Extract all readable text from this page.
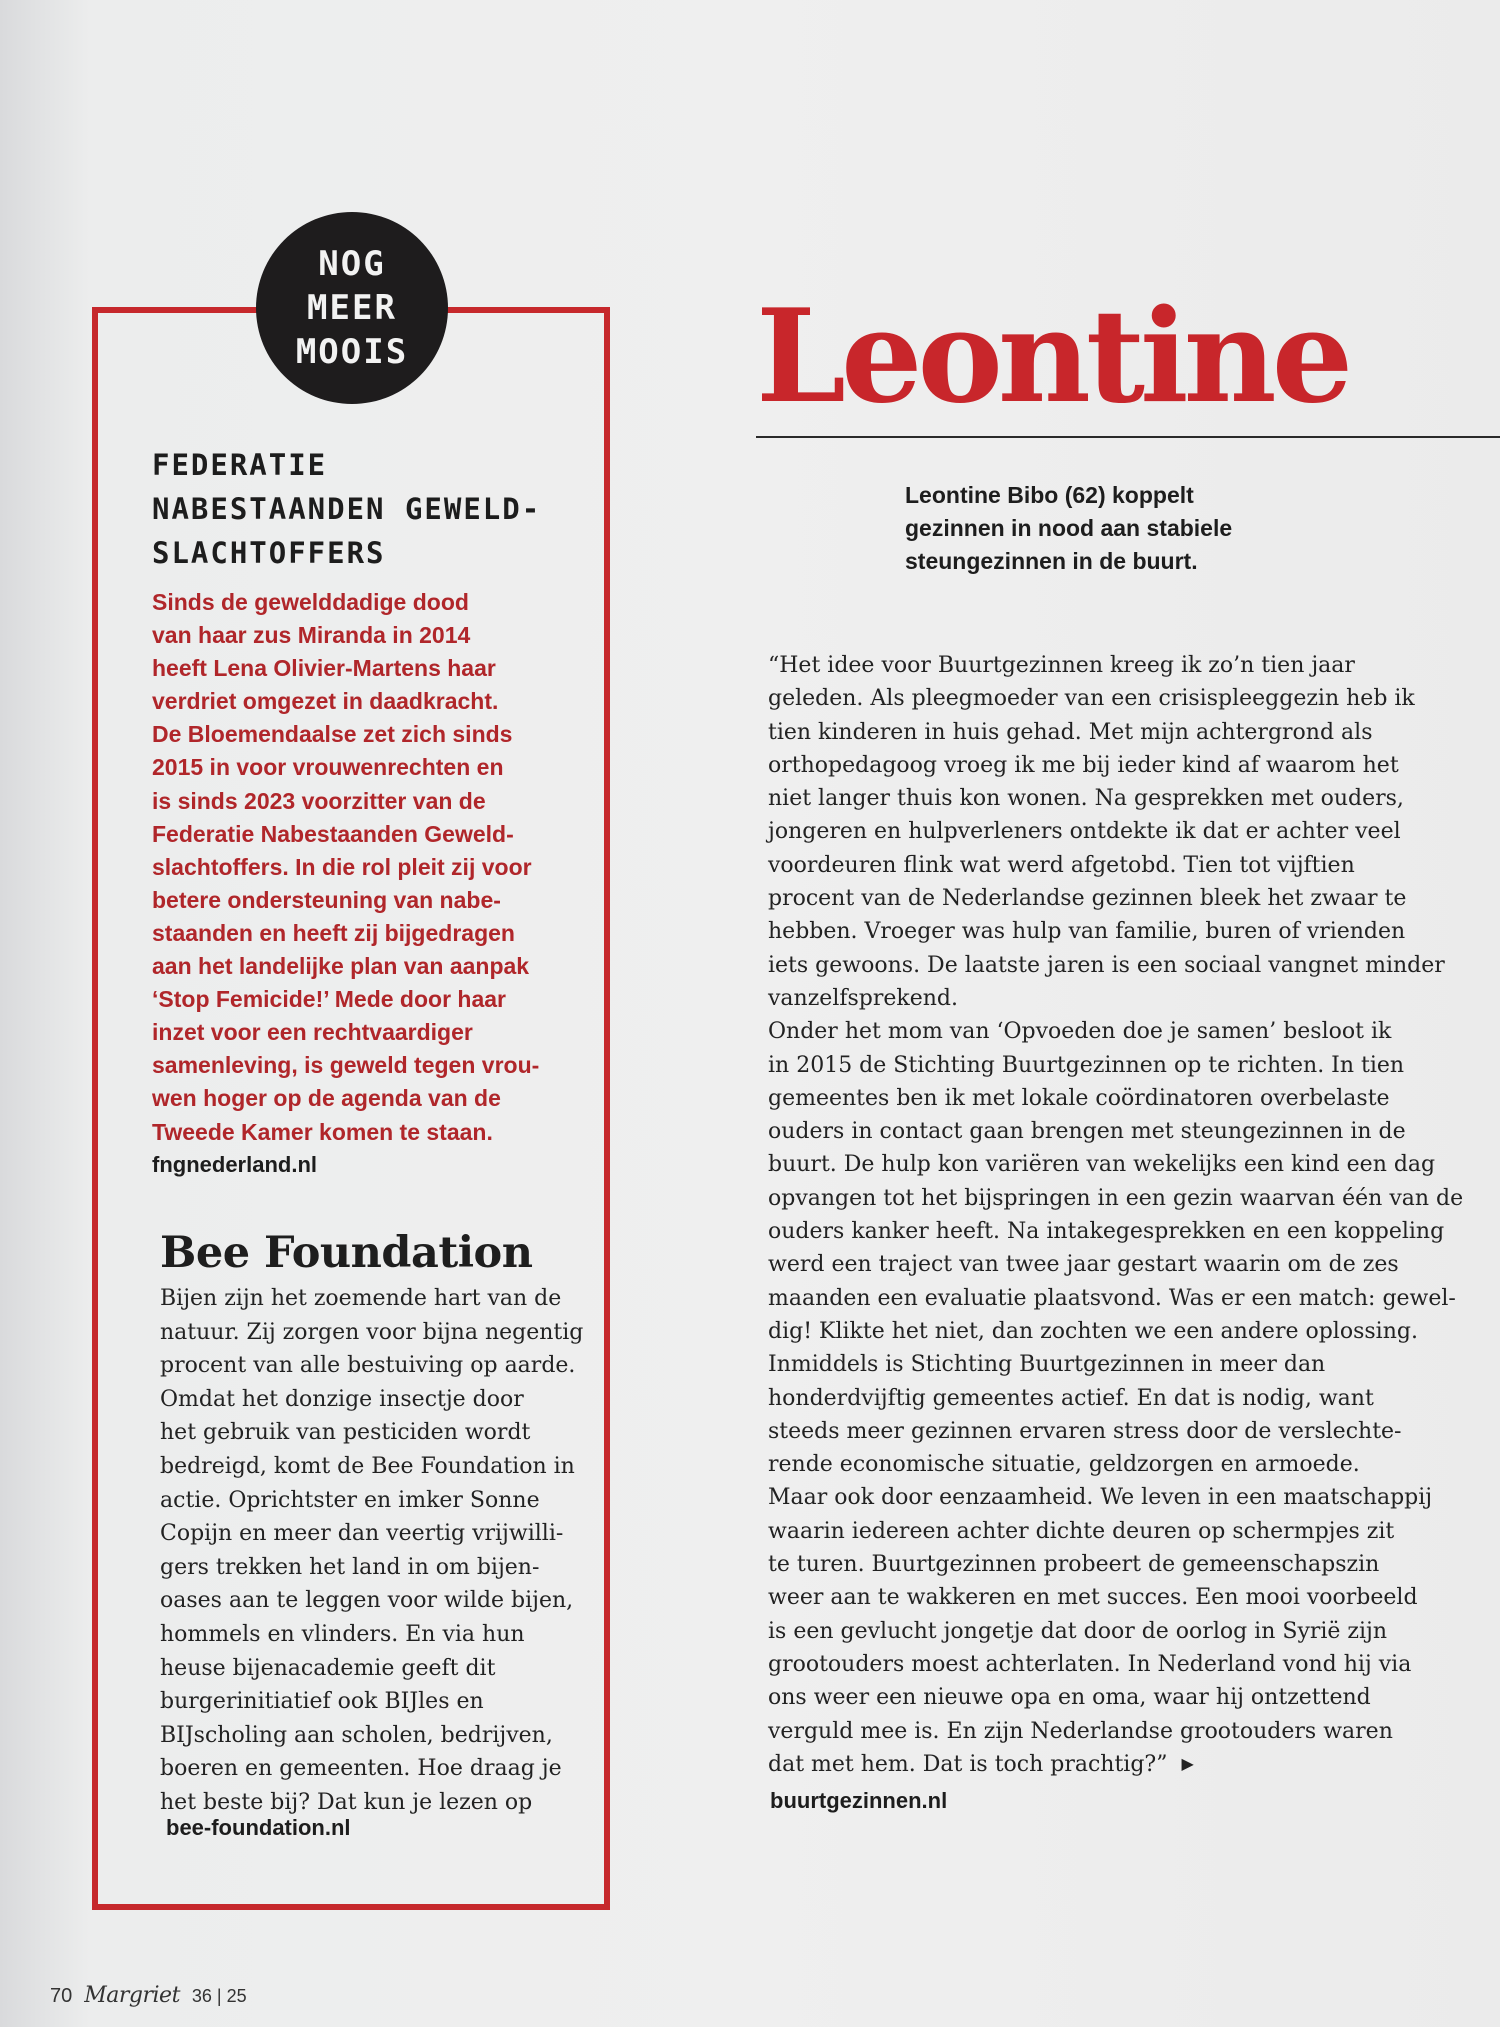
NOG
MEER
MOOIS
FEDERATIE
NABESTAANDEN GEWELD-
SLACHTOFFERS
Sinds de gewelddadige dood
van haar zus Miranda in 2014
heeft Lena Olivier-Martens haar
verdriet omgezet in daadkracht.
De Bloemendaalse zet zich sinds
2015 in voor vrouwenrechten en
is sinds 2023 voorzitter van de
Federatie Nabestaanden Geweld-
slachtoffers. In die rol pleit zij voor
betere ondersteuning van nabe-
staanden en heeft zij bijgedragen
aan het landelijke plan van aanpak
‘Stop Femicide!’ Mede door haar
inzet voor een rechtvaardiger
samenleving, is geweld tegen vrou-
wen hoger op de agenda van de
Tweede Kamer komen te staan.
fngnederland.nl
Bee Foundation
Bijen zijn het zoemende hart van de
natuur. Zij zorgen voor bijna negentig
procent van alle bestuiving op aarde.
Omdat het donzige insectje door
het gebruik van pesticiden wordt
bedreigd, komt de Bee Foundation in
actie. Oprichtster en imker Sonne
Copijn en meer dan veertig vrijwilli-
gers trekken het land in om bijen-
oases aan te leggen voor wilde bijen,
hommels en vlinders. En via hun
heuse bijenacademie geeft dit
burgerinitiatief ook BIJles en
BIJscholing aan scholen, bedrijven,
boeren en gemeenten. Hoe draag je
het beste bij? Dat kun je lezen op
bee-foundation.nl
Leontine
Leontine Bibo (62) koppelt
gezinnen in nood aan stabiele
steungezinnen in de buurt.
“Het idee voor Buurtgezinnen kreeg ik zo’n tien jaar
geleden. Als pleegmoeder van een crisispleeggezin heb ik
tien kinderen in huis gehad. Met mijn achtergrond als
orthopedagoog vroeg ik me bij ieder kind af waarom het
niet langer thuis kon wonen. Na gesprekken met ouders,
jongeren en hulpverleners ontdekte ik dat er achter veel
voordeuren flink wat werd afgetobd. Tien tot vijftien
procent van de Nederlandse gezinnen bleek het zwaar te
hebben. Vroeger was hulp van familie, buren of vrienden
iets gewoons. De laatste jaren is een sociaal vangnet minder
vanzelfsprekend.
Onder het mom van ‘Opvoeden doe je samen’ besloot ik
in 2015 de Stichting Buurtgezinnen op te richten. In tien
gemeentes ben ik met lokale coördinatoren overbelaste
ouders in contact gaan brengen met steungezinnen in de
buurt. De hulp kon variëren van wekelijks een kind een dag
opvangen tot het bijspringen in een gezin waarvan één van de
ouders kanker heeft. Na intakegesprekken en een koppeling
werd een traject van twee jaar gestart waarin om de zes
maanden een evaluatie plaatsvond. Was er een match: gewel-
dig! Klikte het niet, dan zochten we een andere oplossing.
Inmiddels is Stichting Buurtgezinnen in meer dan
honderdvijftig gemeentes actief. En dat is nodig, want
steeds meer gezinnen ervaren stress door de verslechte-
rende economische situatie, geldzorgen en armoede.
Maar ook door eenzaamheid. We leven in een maatschappij
waarin iedereen achter dichte deuren op schermpjes zit
te turen. Buurtgezinnen probeert de gemeenschapszin
weer aan te wakkeren en met succes. Een mooi voorbeeld
is een gevlucht jongetje dat door de oorlog in Syrië zijn
grootouders moest achterlaten. In Nederland vond hij via
ons weer een nieuwe opa en oma, waar hij ontzettend
verguld mee is. En zijn Nederlandse grootouders waren
dat met hem. Dat is toch prachtig?” ▶
buurtgezinnen.nl
70 Margriet 36 | 25
